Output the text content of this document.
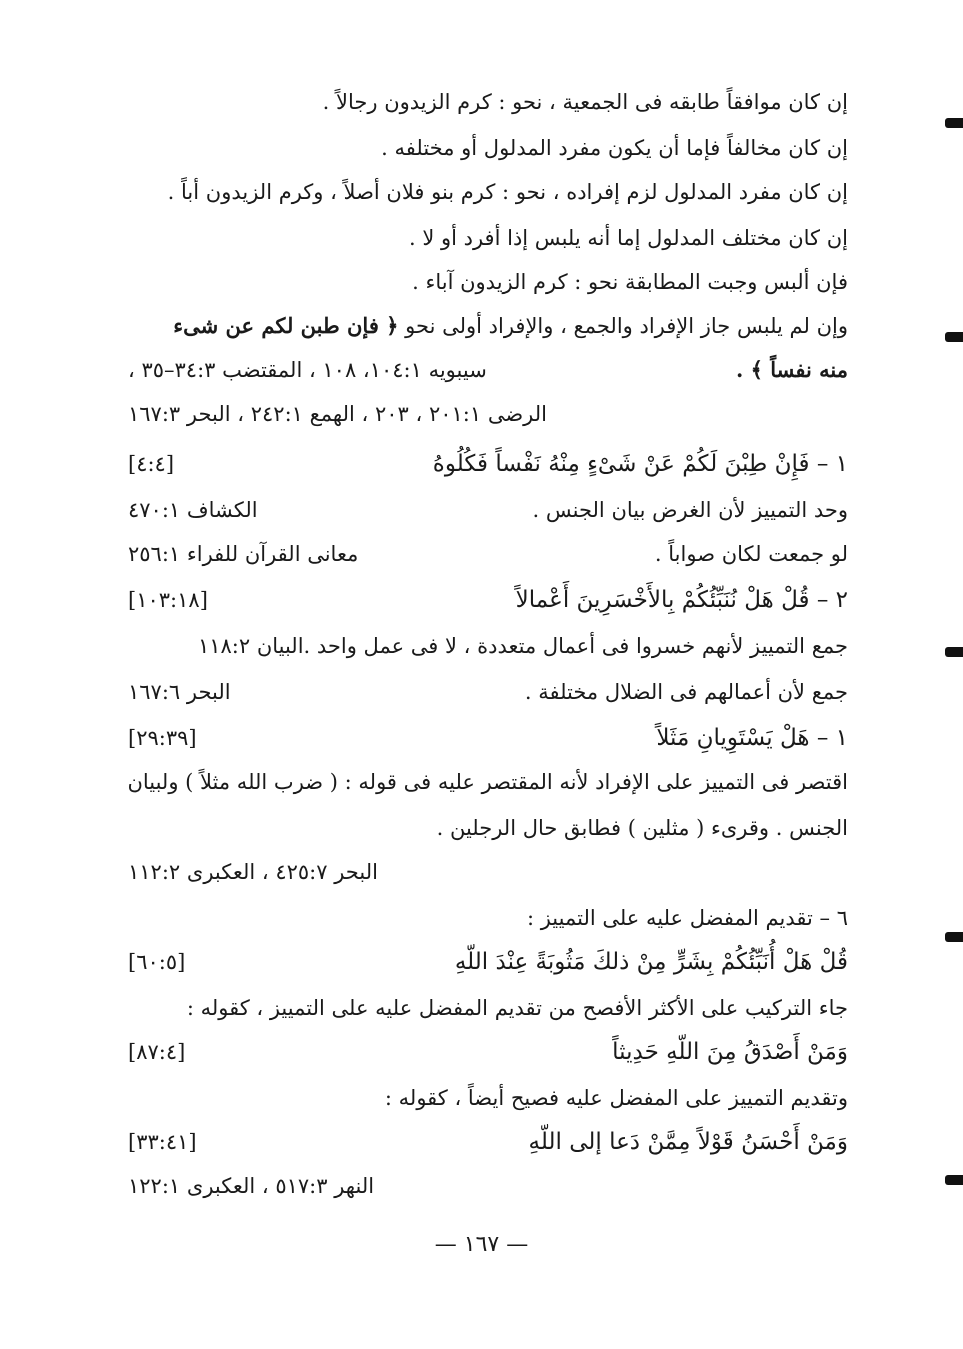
إن كان موافقاً طابقه فى الجمعية ، نحو : كرم الزيدون رجالاً .
إن كان مخالفاً فإما أن يكون مفرد المدلول أو مختلفه .
إن كان مفرد المدلول لزم إفراده ، نحو : كرم بنو فلان أصلاً ، وكرم الزيدون أباً .
إن كان مختلف المدلول إما أنه يلبس إذا أفرد أو لا .
فإن ألبس وجبت المطابقة نحو : كرم الزيدون آباء .
وإن لم يلبس جاز الإفراد والجمع ، والإفراد أولى نحو ﴿ فإن طبن لكم عن شىء
منه نفساً ﴾ .
سيبويه ١٠٤:١، ١٠٨ ، المقتضب ٣٤:٣–٣٥ ،
الرضى ٢٠١:١ ، ٢٠٣ ، الهمع ٢٤٢:١ ، البحر ١٦٧:٣
١ – فَإِنْ طِبْنَ لَكُمْ عَنْ شَىْءٍ مِنْهُ نَفْساً فَكُلُوهُ
[٤:٤]
وحد التمييز لأن الغرض بيان الجنس .
الكشاف ٤٧٠:١
لو جمعت لكان صواباً .
معانى القرآن للفراء ٢٥٦:١
٢ – قُلْ هَلْ نُنَبِّئُكُمْ بِالأَخْسَرِينَ أَعْمالاً
[١٠٣:١٨]
جمع التمييز لأنهم خسروا فى أعمال متعددة ، لا فى عمل واحد .البيان ١١٨:٢
جمع لأن أعمالهم فى الضلال مختلفة .
البحر ١٦٧:٦
١ – هَلْ يَسْتَوِيانِ مَثَلاً
[٢٩:٣٩]
اقتصر فى التمييز على الإفراد لأنه المقتصر عليه فى قوله : ( ضرب الله مثلاً ) ولبيان
الجنس . وقرىء ( مثلين ) فطابق حال الرجلين .
البحر ٤٢٥:٧ ، العكبرى ١١٢:٢
٦ – تقديم المفضل عليه على التمييز :
قُلْ هَلْ أُنَبِّئُكُمْ بِشَرٍّ مِنْ ذلكَ مَثُوبَةً عِنْدَ اللّهِ
[٦٠:٥]
جاء التركيب على الأكثر الأفصح من تقديم المفضل عليه على التمييز ، كقوله :
وَمَنْ أَصْدَقُ مِنَ اللّهِ حَدِيثاً
[٨٧:٤]
وتقديم التمييز على المفضل عليه فصيح أيضاً ، كقوله :
وَمَنْ أَحْسَنُ قَوْلاً مِمَّنْ دَعا إلى اللّهِ
[٣٣:٤١]
النهر ٥١٧:٣ ، العكبرى ١٢٢:١
— ١٦٧ —
